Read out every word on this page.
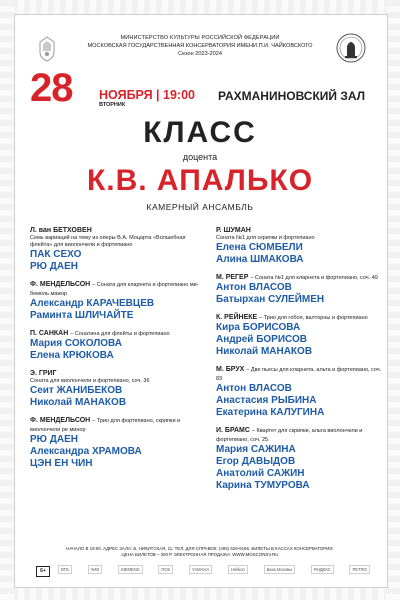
МИНИСТЕРСТВО КУЛЬТУРЫ РОССИЙСКОЙ ФЕДЕРАЦИИ
МОСКОВСКАЯ ГОСУДАРСТВЕННАЯ КОНСЕРВАТОРИЯ ИМЕНИ П.И. ЧАЙКОВСКОГО
Сезон 2023-2024
28 НОЯБРЯ | 19:00
ВТОРНИК
РАХМАНИНОВСКИЙ ЗАЛ
КЛАСС
доцента
К.В. АПАЛЬКО
КАМЕРНЫЙ АНСАМБЛЬ
Л. ван БЕТХОВЕН
Семь вариаций на тему из оперы В.А. Моцарта «Волшебная флейта» для виолончели и фортепиано
ПАК СЕХО
РЮ ДАЕН
Ф. МЕНДЕЛЬСОН – Соната для кларнета и фортепиано ми-бемоль мажор
Александр КАРАЧЕВЦЕВ
Раминта ШЛИЧАЙТЕ
П. САНКАН – Сонатина для флейты и фортепиано
Мария СОКОЛОВА
Елена КРЮКОВА
Э. ГРИГ
Соната для виолончели и фортепиано, соч. 36
Сеит ЖАНИБЕКОВ
Николай МАНАКОВ
Ф. МЕНДЕЛЬСОН – Трио для фортепиано, скрипки и виолончели ре минор
РЮ ДАЕН
Александра ХРАМОВА
ЦЭН ЕН ЧИН
Р. ШУМАН
Соната №1 для скрипки и фортепиано
Елена СЮМБЕЛИ
Алина ШМАКОВА
М. РЕГЕР – Соната №1 для кларнета и фортепиано, соч. 49
Антон ВЛАСОВ
Батырхан СУЛЕЙМЕН
К. РЕЙНЕКЕ – Трио для гобоя, валторны и фортепиано
Кира БОРИСОВА
Андрей БОРИСОВ
Николай МАНАКОВ
М. БРУХ – Две пьесы для кларнета, альта и фортепиано, соч. 83
Антон ВЛАСОВ
Анастасия РЫБИНА
Екатерина КАЛУГИНА
И. БРАМС – Квартет для скрипки, альта виолончели и фортепиано, соч. 25
Мария САЖИНА
Егор ДАВЫДОВ
Анатолий САЖИН
Карина ТУМУРОВА
НАЧАЛО В 19:00. АДРЕС ЗАЛА: Б. НИКИТСКАЯ, 11. ТЕЛ. ДЛЯ СПРАВОК: (495) 629-9166. БИЛЕТЫ В КАССАХ КОНСЕРВАТОРИИ.
ЦЕНА БИЛЕТОВ – 300 Р. ЭЛЕКТРОННАЯ ПРОДАЖА: WWW.MOSCONSV.RU
6+	ВТБ	ЧИВ	SIEMENS	ПСБ	YAMAHA	Helikon	Банк Москвы	ЯНДЕКС	PETRO
